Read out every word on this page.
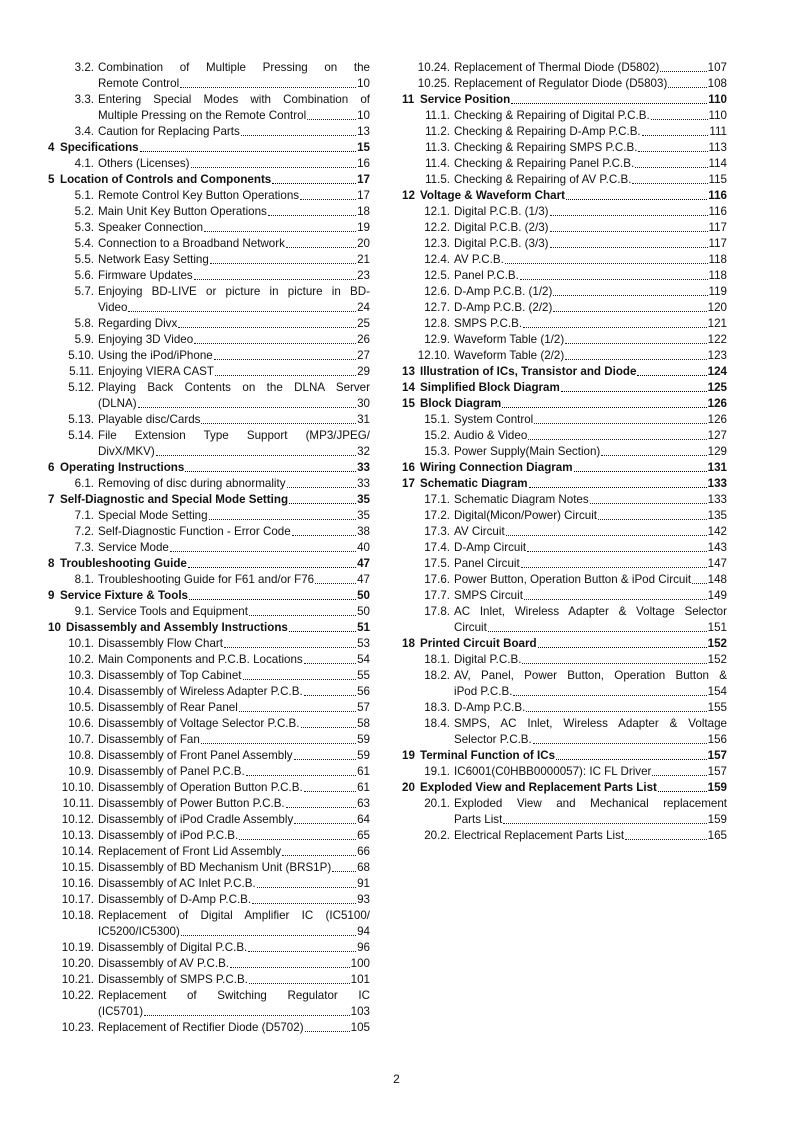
3.2. Combination of Multiple Pressing on the
Remote Control	10
3.3. Entering Special Modes with Combination of
Multiple Pressing on the Remote Control	10
3.4. Caution for Replacing Parts	13
4 Specifications	15
4.1. Others (Licenses)	16
5 Location of Controls and Components	17
5.1. Remote Control Key Button Operations	17
5.2. Main Unit Key Button Operations	18
5.3. Speaker Connection	19
5.4. Connection to a Broadband Network	20
5.5. Network Easy Setting	21
5.6. Firmware Updates	23
5.7. Enjoying BD-LIVE or picture in picture in BD-
Video	24
5.8. Regarding Divx	25
5.9. Enjoying 3D Video	26
5.10. Using the iPod/iPhone	27
5.11. Enjoying VIERA CAST	29
5.12. Playing Back Contents on the DLNA Server
(DLNA)	30
5.13. Playable disc/Cards	31
5.14. File Extension Type Support (MP3/JPEG/
DivX/MKV)	32
6 Operating Instructions	33
6.1. Removing of disc during abnormality	33
7 Self-Diagnostic and Special Mode Setting	35
7.1. Special Mode Setting	35
7.2. Self-Diagnostic Function - Error Code	38
7.3. Service Mode	40
8 Troubleshooting Guide	47
8.1. Troubleshooting Guide for F61 and/or F76	47
9 Service Fixture & Tools	50
9.1. Service Tools and Equipment	50
10 Disassembly and Assembly Instructions	51
10.1. Disassembly Flow Chart	53
10.2. Main Components and P.C.B. Locations	54
10.3. Disassembly of Top Cabinet	55
10.4. Disassembly of Wireless Adapter P.C.B.	56
10.5. Disassembly of Rear Panel	57
10.6. Disassembly of Voltage Selector P.C.B.	58
10.7. Disassembly of Fan	59
10.8. Disassembly of Front Panel Assembly	59
10.9. Disassembly of Panel P.C.B.	61
10.10. Disassembly of Operation Button P.C.B.	61
10.11. Disassembly of Power Button P.C.B.	63
10.12. Disassembly of iPod Cradle Assembly	64
10.13. Disassembly of iPod P.C.B.	65
10.14. Replacement of Front Lid Assembly	66
10.15. Disassembly of BD Mechanism Unit (BRS1P) 68
10.16. Disassembly of AC Inlet P.C.B.	91
10.17. Disassembly of D-Amp P.C.B.	93
10.18. Replacement of Digital Amplifier IC (IC5100/
IC5200/IC5300)	94
10.19. Disassembly of Digital P.C.B.	96
10.20. Disassembly of AV P.C.B.	100
10.21. Disassembly of SMPS P.C.B.	101
10.22. Replacement of Switching Regulator IC
(IC5701)	103
10.23. Replacement of Rectifier Diode (D5702)	105
10.24. Replacement of Thermal Diode (D5802)	107
10.25. Replacement of Regulator Diode (D5803)	108
11 Service Position	110
11.1. Checking & Repairing of Digital P.C.B.	110
11.2. Checking & Repairing D-Amp P.C.B.	111
11.3. Checking & Repairing SMPS P.C.B.	113
11.4. Checking & Repairing Panel P.C.B.	114
11.5. Checking & Repairing of AV P.C.B.	115
12 Voltage & Waveform Chart	116
12.1. Digital P.C.B. (1/3)	116
12.2. Digital P.C.B. (2/3)	117
12.3. Digital P.C.B. (3/3)	117
12.4. AV P.C.B.	118
12.5. Panel P.C.B.	118
12.6. D-Amp P.C.B. (1/2)	119
12.7. D-Amp P.C.B. (2/2)	120
12.8. SMPS P.C.B.	121
12.9. Waveform Table (1/2)	122
12.10. Waveform Table (2/2)	123
13 Illustration of ICs, Transistor and Diode	124
14 Simplified Block Diagram	125
15 Block Diagram	126
15.1. System Control	126
15.2. Audio & Video	127
15.3. Power Supply(Main Section)	129
16 Wiring Connection Diagram	131
17 Schematic Diagram	133
17.1. Schematic Diagram Notes	133
17.2. Digital(Micon/Power) Circuit	135
17.3. AV Circuit	142
17.4. D-Amp Circuit	143
17.5. Panel Circuit	147
17.6. Power Button, Operation Button & iPod Circuit 148
17.7. SMPS Circuit	149
17.8. AC Inlet, Wireless Adapter & Voltage Selector
Circuit	151
18 Printed Circuit Board	152
18.1. Digital P.C.B.	152
18.2. AV, Panel, Power Button, Operation Button &
iPod P.C.B.	154
18.3. D-Amp P.C.B.	155
18.4. SMPS, AC Inlet, Wireless Adapter & Voltage
Selector P.C.B.	156
19 Terminal Function of ICs	157
19.1. IC6001(C0HBB0000057): IC FL Driver	157
20 Exploded View and Replacement Parts List	159
20.1. Exploded View and Mechanical replacement
Parts List	159
20.2. Electrical Replacement Parts List	165
2
